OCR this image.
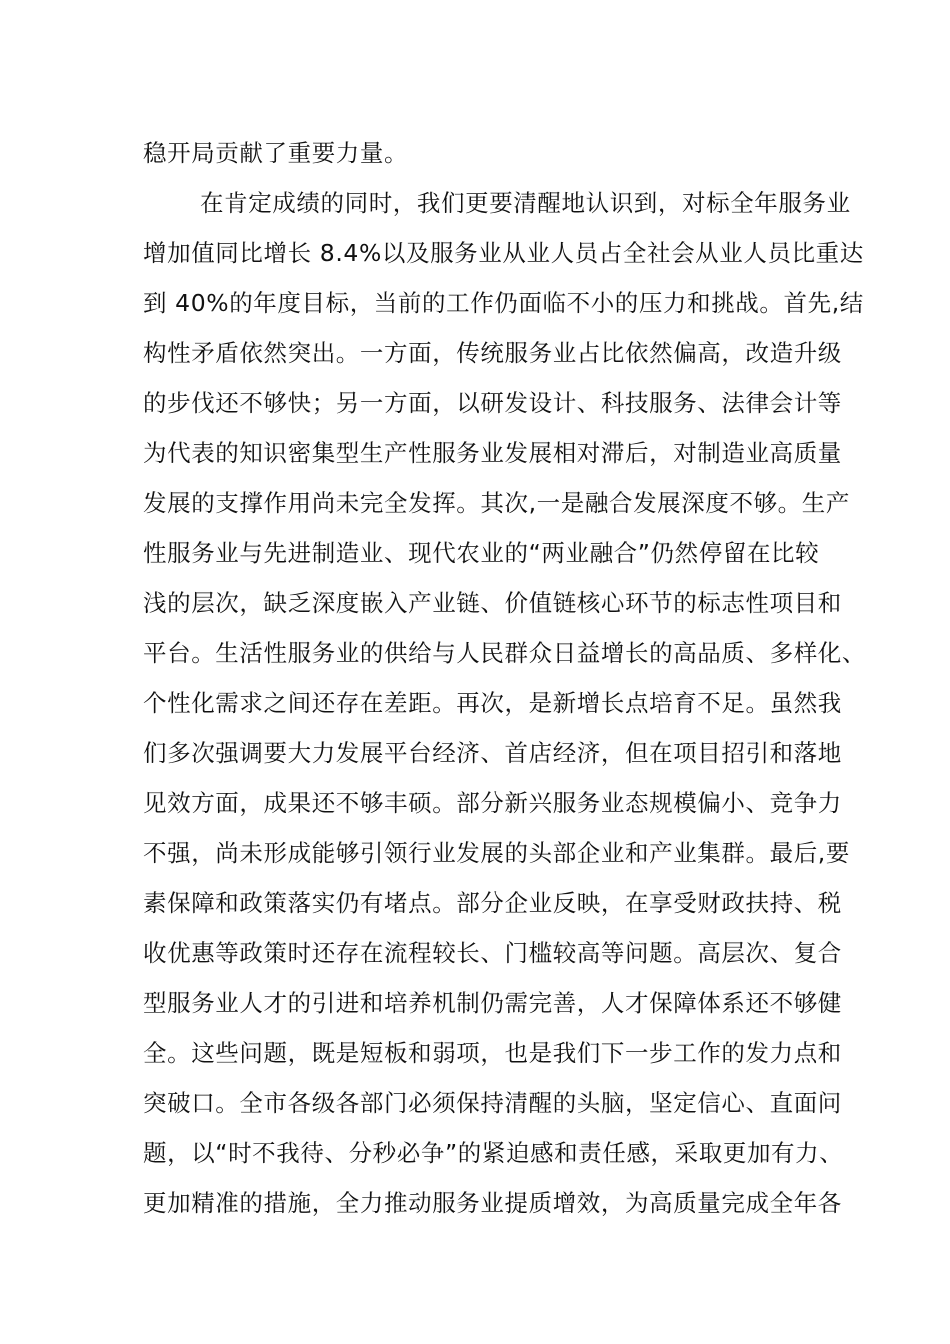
稳开局贡献了重要力量。
在肯定成绩的同时，我们更要清醒地认识到，对标全年服务业
增加值同比增长 8.4%以及服务业从业人员占全社会从业人员比重达
到 40%的年度目标，当前的工作仍面临不小的压力和挑战。首先,结
构性矛盾依然突出。一方面，传统服务业占比依然偏高，改造升级
的步伐还不够快；另一方面，以研发设计、科技服务、法律会计等
为代表的知识密集型生产性服务业发展相对滞后，对制造业高质量
发展的支撑作用尚未完全发挥。其次,一是融合发展深度不够。生产
性服务业与先进制造业、现代农业的“两业融合”仍然停留在比较
浅的层次，缺乏深度嵌入产业链、价值链核心环节的标志性项目和
平台。生活性服务业的供给与人民群众日益增长的高品质、多样化、
个性化需求之间还存在差距。再次，是新增长点培育不足。虽然我
们多次强调要大力发展平台经济、首店经济，但在项目招引和落地
见效方面，成果还不够丰硕。部分新兴服务业态规模偏小、竞争力
不强，尚未形成能够引领行业发展的头部企业和产业集群。最后,要
素保障和政策落实仍有堵点。部分企业反映，在享受财政扶持、税
收优惠等政策时还存在流程较长、门槛较高等问题。高层次、复合
型服务业人才的引进和培养机制仍需完善，人才保障体系还不够健
全。这些问题，既是短板和弱项，也是我们下一步工作的发力点和
突破口。全市各级各部门必须保持清醒的头脑，坚定信心、直面问
题，以“时不我待、分秒必争”的紧迫感和责任感，采取更加有力、
更加精准的措施，全力推动服务业提质增效，为高质量完成全年各
